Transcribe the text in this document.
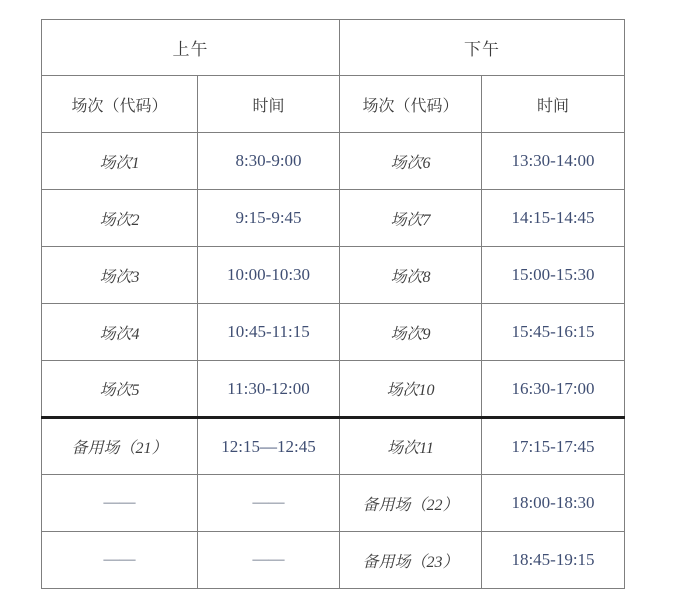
上午		下午	
场次（代码）	时间	场次（代码）	时间
场次1	8:30-9:00	场次6	13:30-14:00
场次2	9:15-9:45	场次7	14:15-14:45
场次3	10:00-10:30	场次8	15:00-15:30
场次4	10:45-11:15	场次9	15:45-16:15
场次5	11:30-12:00	场次10	16:30-17:00
备用场（21）	12:15—12:45	场次11	17:15-17:45
——	——	备用场（22）	18:00-18:30
——	——	备用场（23）	18:45-19:15
